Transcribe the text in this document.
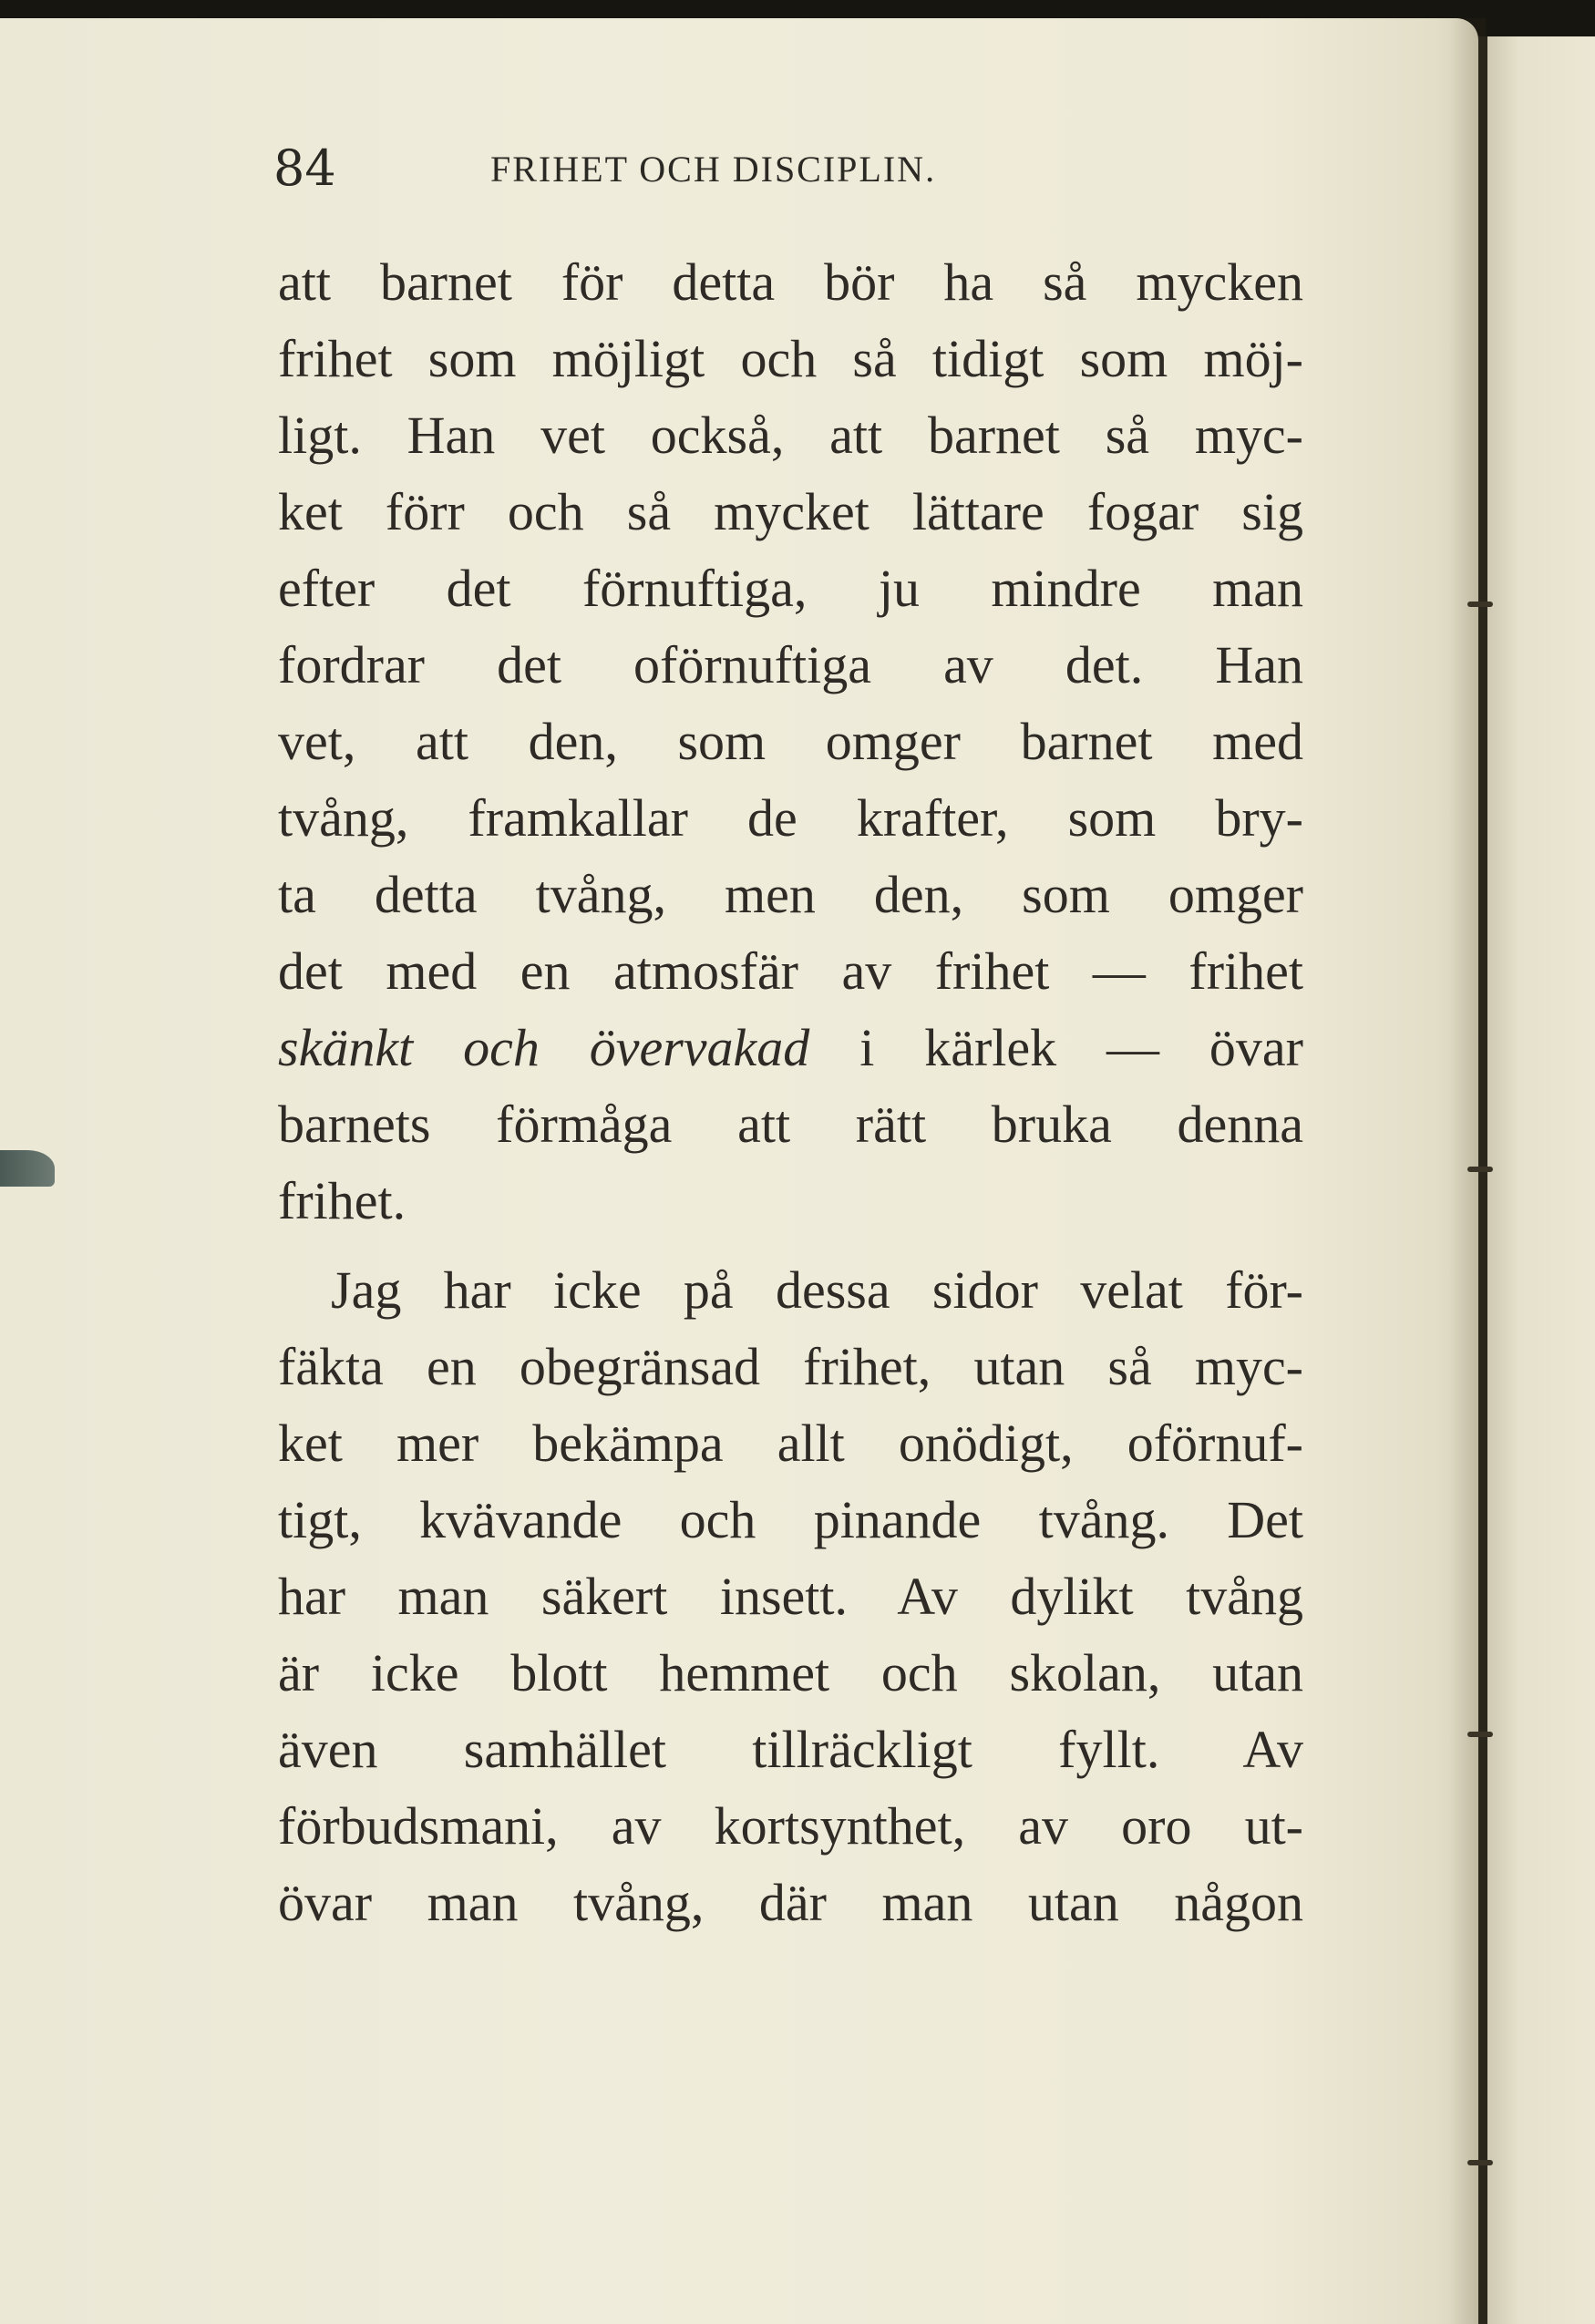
84	FRIHET OCH DISCIPLIN.
att barnet för detta bör ha så mycken
frihet som möjligt och så tidigt som möj-
ligt. Han vet också, att barnet så myc-
ket förr och så mycket lättare fogar sig
efter det förnuftiga, ju mindre man
fordrar det oförnuftiga av det. Han
vet, att den, som omger barnet med
tvång, framkallar de krafter, som bry-
ta detta tvång, men den, som omger
det med en atmosfär av frihet — frihet
skänkt och övervakad i kärlek — övar
barnets förmåga att rätt bruka denna
frihet.
Jag har icke på dessa sidor velat för-
fäkta en obegränsad frihet, utan så myc-
ket mer bekämpa allt onödigt, oförnuf-
tigt, kvävande och pinande tvång. Det
har man säkert insett. Av dylikt tvång
är icke blott hemmet och skolan, utan
även samhället tillräckligt fyllt. Av
förbudsmani, av kortsynthet, av oro ut-
övar man tvång, där man utan någon
